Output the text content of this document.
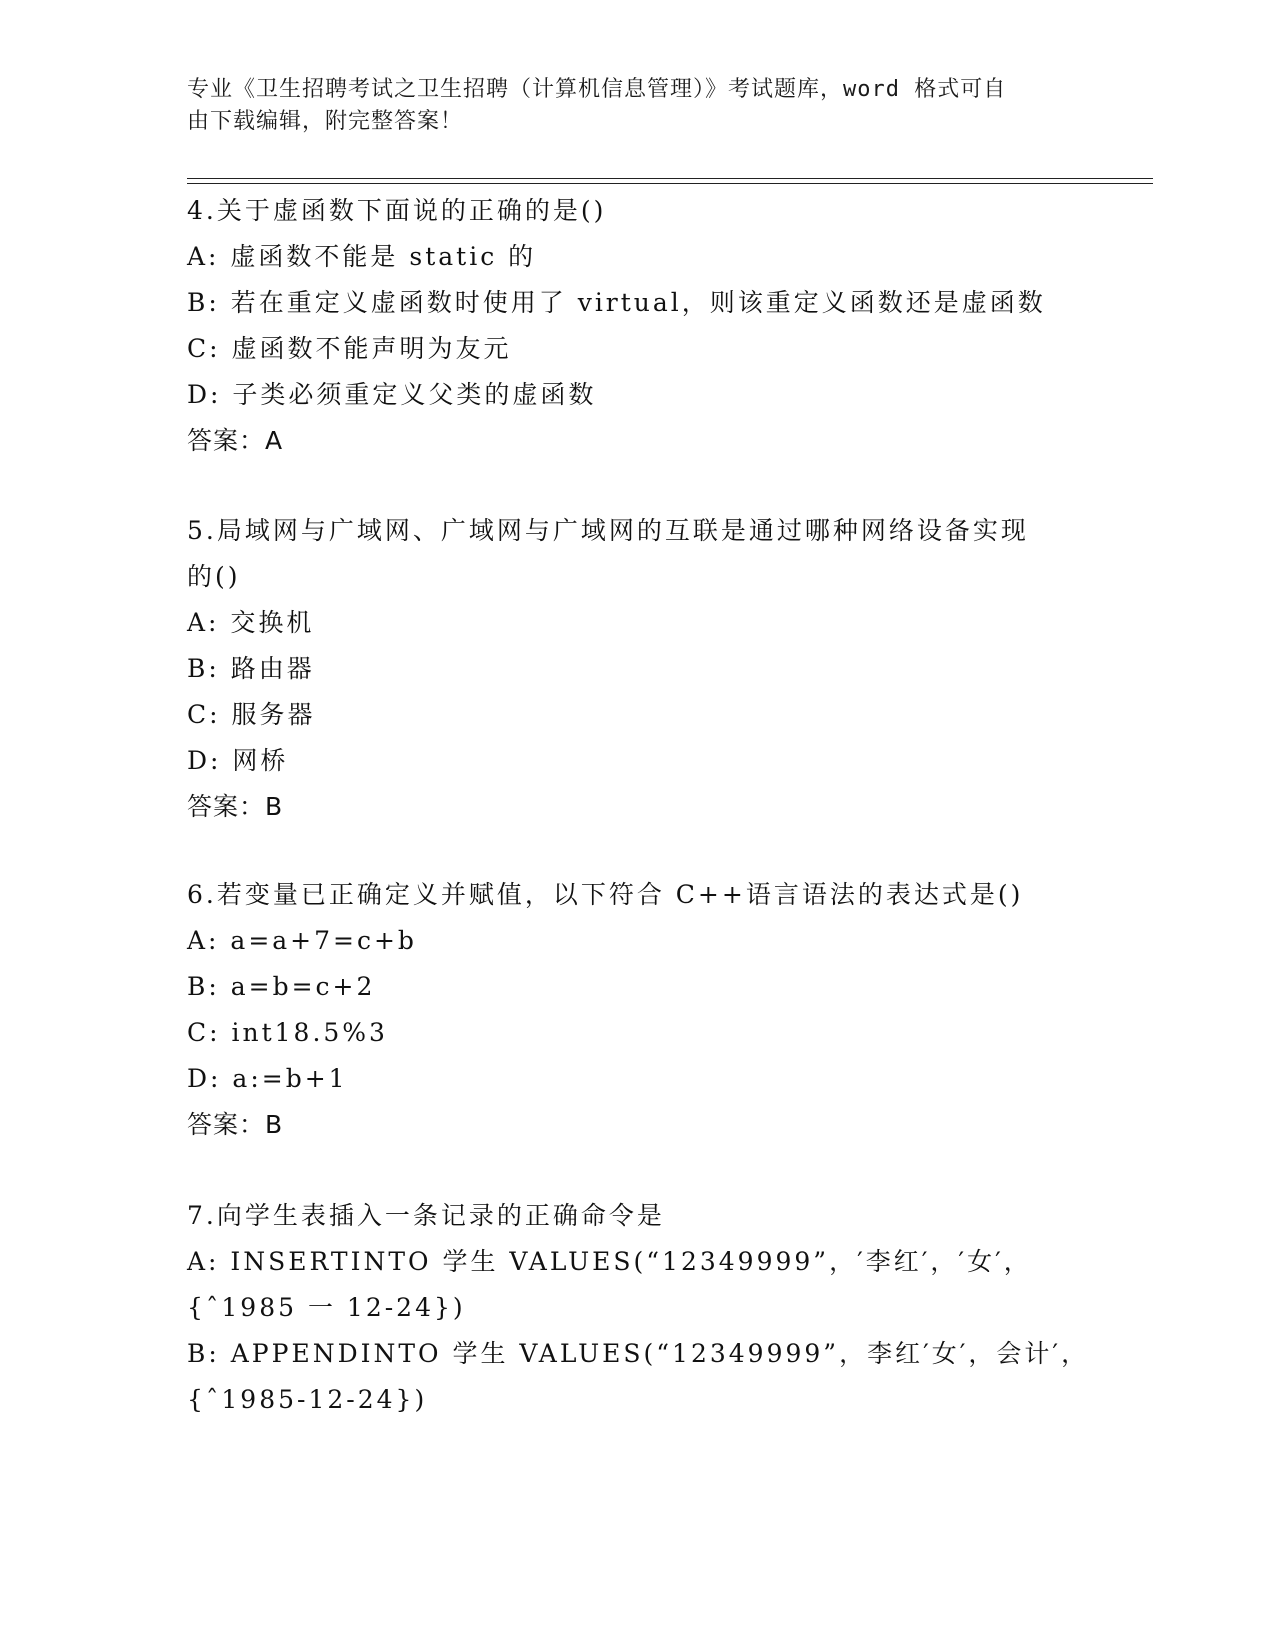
专业《卫生招聘考试之卫生招聘（计算机信息管理）》考试题库，word 格式可自
由下载编辑，附完整答案！
4.关于虚函数下面说的正确的是()
A: 虚函数不能是 static 的
B: 若在重定义虚函数时使用了 virtual，则该重定义函数还是虚函数
C: 虚函数不能声明为友元
D: 子类必须重定义父类的虚函数
答案：A
5.局域网与广域网、广域网与广域网的互联是通过哪种网络设备实现
的()
A: 交换机
B: 路由器
C: 服务器
D: 网桥
答案：B
6.若变量已正确定义并赋值，以下符合 C++语言语法的表达式是()
A: a=a+7=c+b
B: a=b=c+2
C: int18.5%3
D: a:=b+1
答案：B
7.向学生表插入一条记录的正确命令是
A: INSERTINTO 学生 VALUES(“12349999”，′李红′，′女′，
{ˆ1985 一 12-24})
B: APPENDINTO 学生 VALUES(“12349999”，李红′女′，会计′，
{ˆ1985-12-24})
